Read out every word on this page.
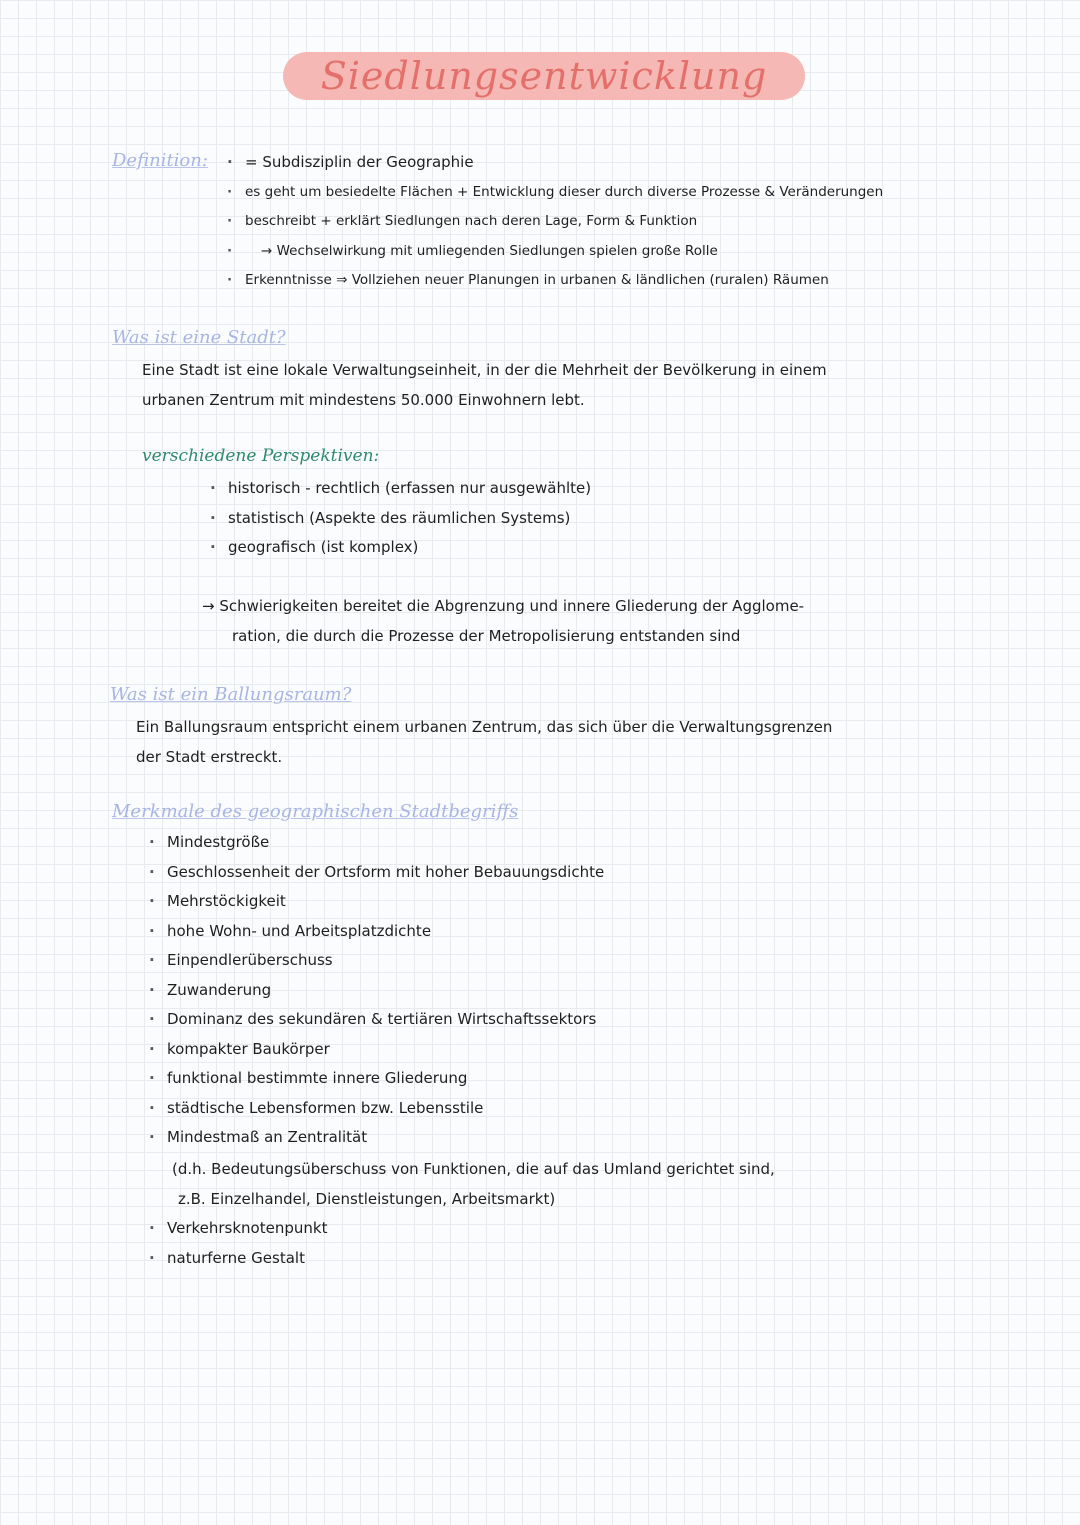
Siedlungsentwicklung
Definition:
· = Subdisziplin der Geographie
· es geht um besiedelte Flächen + Entwicklung dieser durch diverse Prozesse & Veränderungen
· beschreibt + erklärt Siedlungen nach deren Lage, Form & Funktion
· → Wechselwirkung mit umliegenden Siedlungen spielen große Rolle
· Erkenntnisse ⇒ Vollziehen neuer Planungen in urbanen & ländlichen (ruralen) Räumen
Was ist eine Stadt?
Eine Stadt ist eine lokale Verwaltungseinheit, in der die Mehrheit der Bevölkerung in einem
urbanen Zentrum mit mindestens 50.000 Einwohnern lebt.
verschiedene Perspektiven:
· historisch - rechtlich (erfassen nur ausgewählte)
· statistisch (Aspekte des räumlichen Systems)
· geografisch (ist komplex)
→ Schwierigkeiten bereitet die Abgrenzung und innere Gliederung der Agglome-
ration, die durch die Prozesse der Metropolisierung entstanden sind
Was ist ein Ballungsraum?
Ein Ballungsraum entspricht einem urbanen Zentrum, das sich über die Verwaltungsgrenzen
der Stadt erstreckt.
Merkmale des geographischen Stadtbegriffs
· Mindestgröße
· Geschlossenheit der Ortsform mit hoher Bebauungsdichte
· Mehrstöckigkeit
· hohe Wohn- und Arbeitsplatzdichte
· Einpendlerüberschuss
· Zuwanderung
· Dominanz des sekundären & tertiären Wirtschaftssektors
· kompakter Baukörper
· funktional bestimmte innere Gliederung
· städtische Lebensformen bzw. Lebensstile
· Mindestmaß an Zentralität
(d.h. Bedeutungsüberschuss von Funktionen, die auf das Umland gerichtet sind,
z.B. Einzelhandel, Dienstleistungen, Arbeitsmarkt)
· Verkehrsknotenpunkt
· naturferne Gestalt
